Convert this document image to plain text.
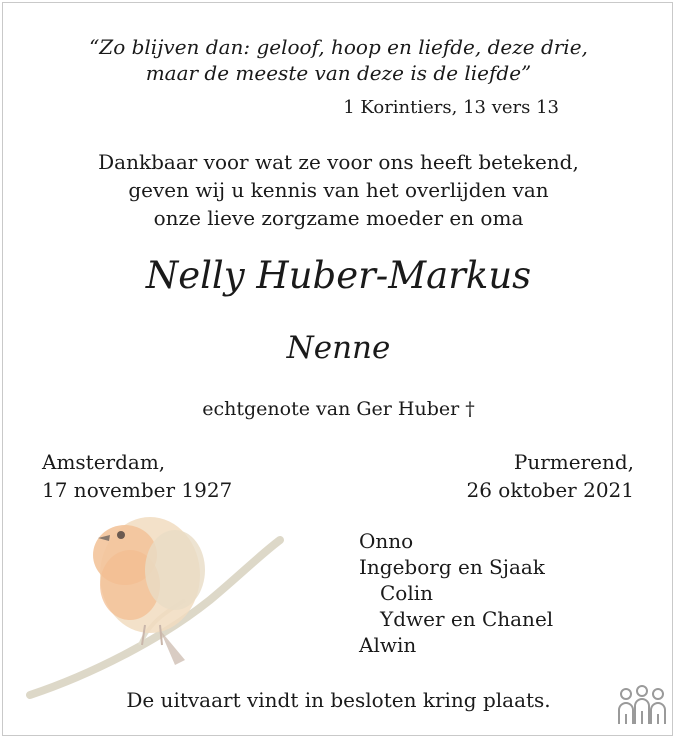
“Zo blijven dan: geloof, hoop en liefde, deze drie,
maar de meeste van deze is de liefde”
1 Korintiers, 13 vers 13
Dankbaar voor wat ze voor ons heeft betekend,
geven wij u kennis van het overlijden van
onze lieve zorgzame moeder en oma
Nelly Huber-Markus
Nenne
echtgenote van Ger Huber †
Amsterdam,
17 november 1927
Purmerend,
26 oktober 2021
Onno
Ingeborg en Sjaak
Colin
Ydwer en Chanel
Alwin
De uitvaart vindt in besloten kring plaats.
